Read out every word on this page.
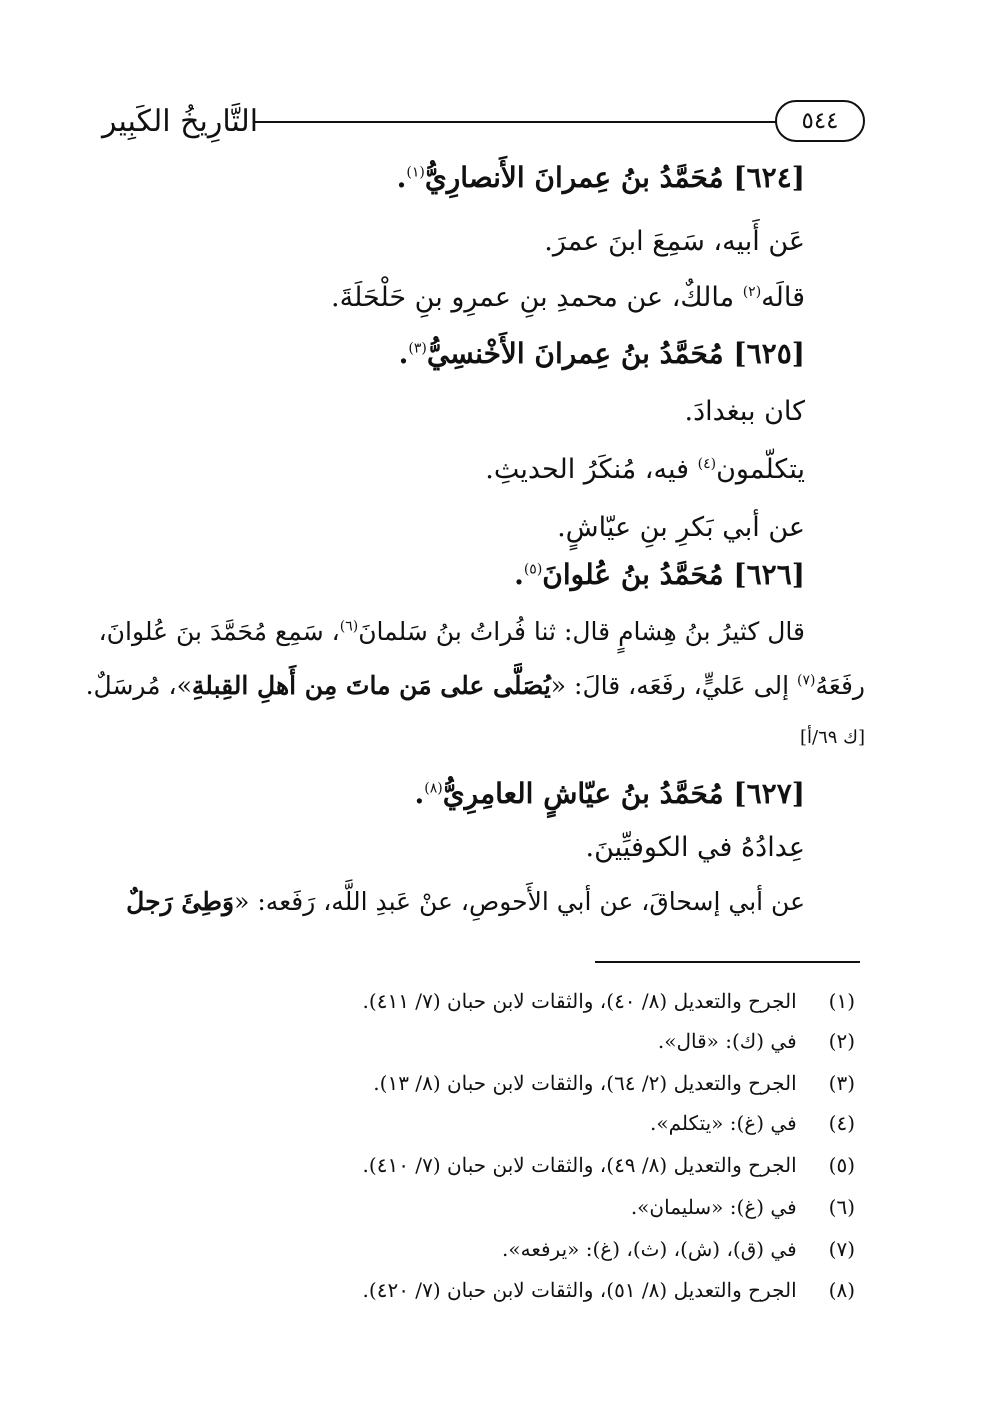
التَّارِيخُ الكَبِير	٥٤٤
[٦٢٤] مُحَمَّدُ بنُ عِمرانَ الأَنصارِيُّ$^{(١)}$.
عَن أَبيه، سَمِعَ ابنَ عمرَ.
قالَه$^{(٢)}$ مالكٌ، عن محمدِ بنِ عمرِو بنِ حَلْحَلَةَ.
[٦٢٥] مُحَمَّدُ بنُ عِمرانَ الأَخْنسِيُّ$^{(٣)}$.
كان ببغدادَ.
يتكلّمون$^{(٤)}$ فيه، مُنكَرُ الحديثِ.
عن أبي بَكرِ بنِ عيّاشٍ.
[٦٢٦] مُحَمَّدُ بنُ عُلوانَ$^{(٥)}$.
قال كثيرُ بنُ هِشامٍ قال: ثنا فُراتُ بنُ سَلمانَ$^{(٦)}$، سَمِع مُحَمَّدَ بنَ عُلوانَ،
رفَعَهُ$^{(٧)}$ إلى عَليٍّ، رفَعَه، قالَ: «يُصَلَّى على مَن ماتَ مِن أَهلِ القِبلةِ»، مُرسَلٌ.
[ك ٦٩/أ]
[٦٢٧] مُحَمَّدُ بنُ عيّاشٍ العامِرِيُّ$^{(٨)}$.
عِدادُهُ في الكوفيِّينَ.
عن أبي إسحاقَ، عن أبي الأَحوصِ، عنْ عَبدِ اللَّه، رَفَعه: «وَطِئَ رَجلٌ
(١) الجرح والتعديل (٨/ ٤٠)، والثقات لابن حبان (٧/ ٤١١).
(٢) في (ك): «قال».
(٣) الجرح والتعديل (٢/ ٦٤)، والثقات لابن حبان (٨/ ١٣).
(٤) في (غ): «يتكلم».
(٥) الجرح والتعديل (٨/ ٤٩)، والثقات لابن حبان (٧/ ٤١٠).
(٦) في (غ): «سليمان».
(٧) في (ق)، (ش)، (ث)، (غ): «يرفعه».
(٨) الجرح والتعديل (٨/ ٥١)، والثقات لابن حبان (٧/ ٤٢٠).
